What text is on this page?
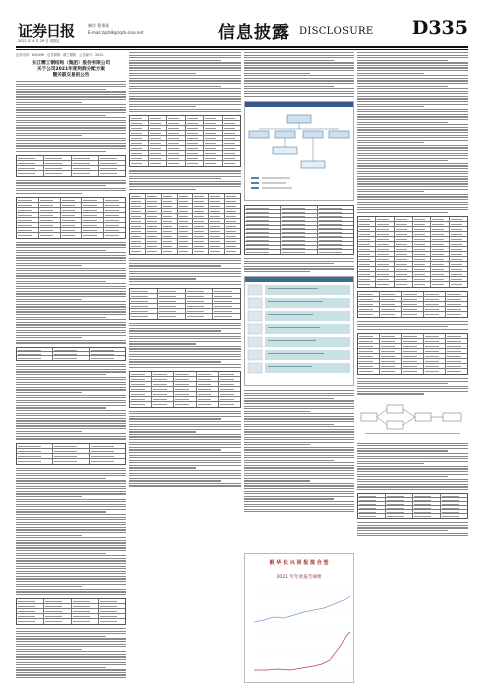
证券日报
2022 年 4 月 29 日 星期五
制作 曹秉琛
E-mail:zqrb9@zqrb.sina.net	信息披露 DISCLOSURE D335
证券代码：600496　证券简称：精工钢构　公告编号：2022-
长江精工钢结构（集团）股份有限公司
关于公司2021年度利润分配方案
暨关联交易的公告
银 华 长 兴 回 报 混 合 型
2021 年年度报告摘要
